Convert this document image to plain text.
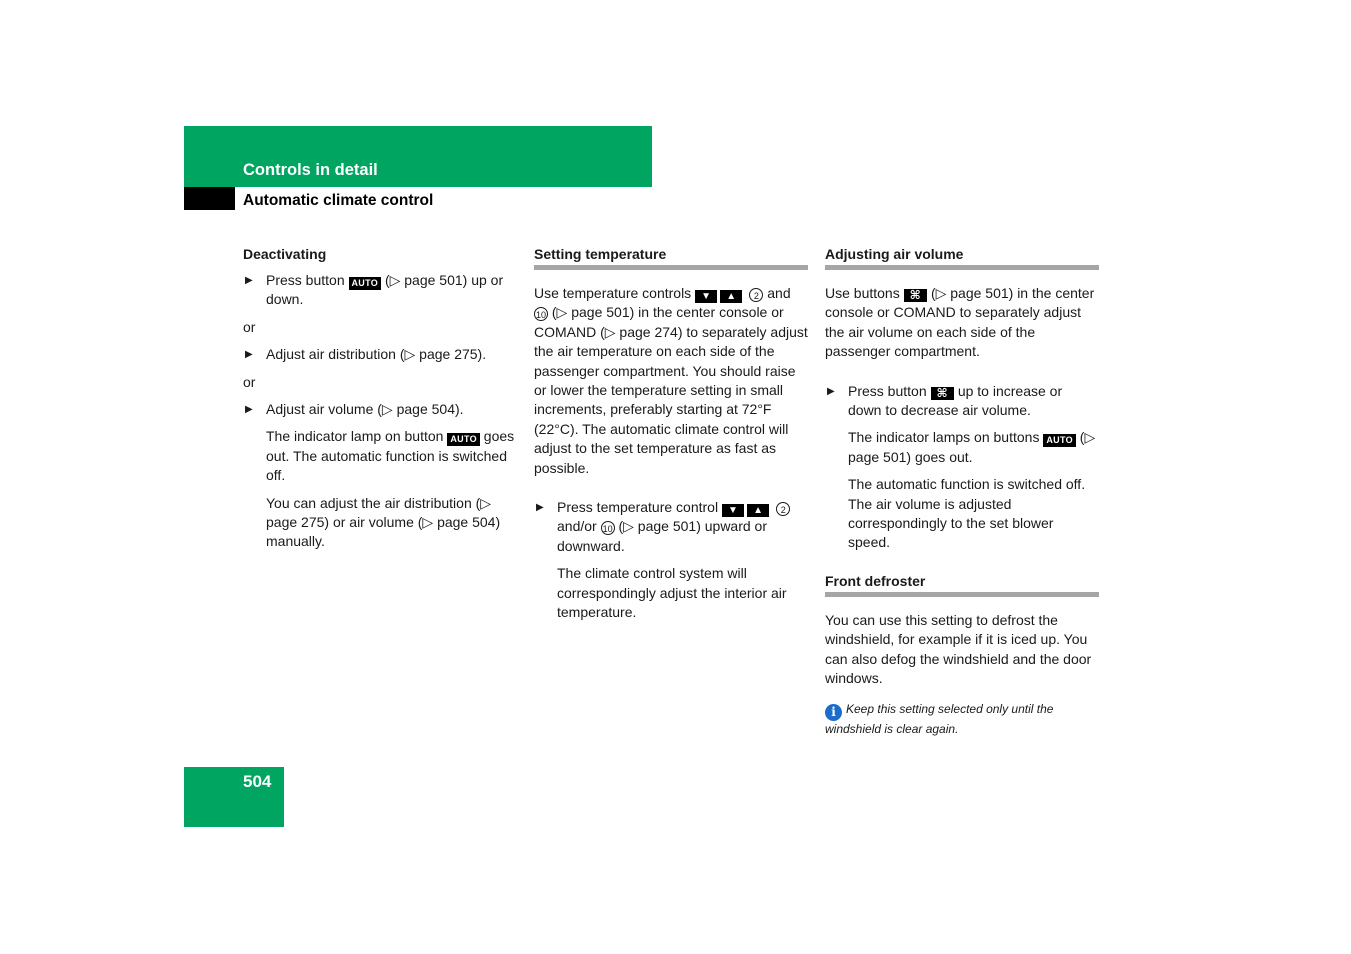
Controls in detail
Automatic climate control
Deactivating
▶ Press button AUTO (▷ page 501) up or down.
or
▶ Adjust air distribution (▷ page 275).
or
▶ Adjust air volume (▷ page 504).
The indicator lamp on button AUTO goes out. The automatic function is switched off.
You can adjust the air distribution (▷ page 275) or air volume (▷ page 504) manually.
Setting temperature

Use temperature controls ▼ ▲ 2 and 10 (▷ page 501) in the center console or COMAND (▷ page 274) to separately adjust the air temperature on each side of the passenger compartment. You should raise or lower the temperature setting in small increments, preferably starting at 72°F (22°C). The automatic climate control will adjust to the set temperature as fast as possible.

▶ Press temperature control ▼ ▲ 2 and/or 10 (▷ page 501) upward or downward.
The climate control system will correspondingly adjust the interior air temperature.
Adjusting air volume

Use buttons ⌘ (▷ page 501) in the center console or COMAND to separately adjust the air volume on each side of the passenger compartment.

▶ Press button ⌘ up to increase or down to decrease air volume.
The indicator lamps on buttons AUTO (▷ page 501) goes out.
The automatic function is switched off. The air volume is adjusted correspondingly to the set blower speed.
Front defroster

You can use this setting to defrost the windshield, for example if it is iced up. You can also defog the windshield and the door windows.

i Keep this setting selected only until the windshield is clear again.
504
